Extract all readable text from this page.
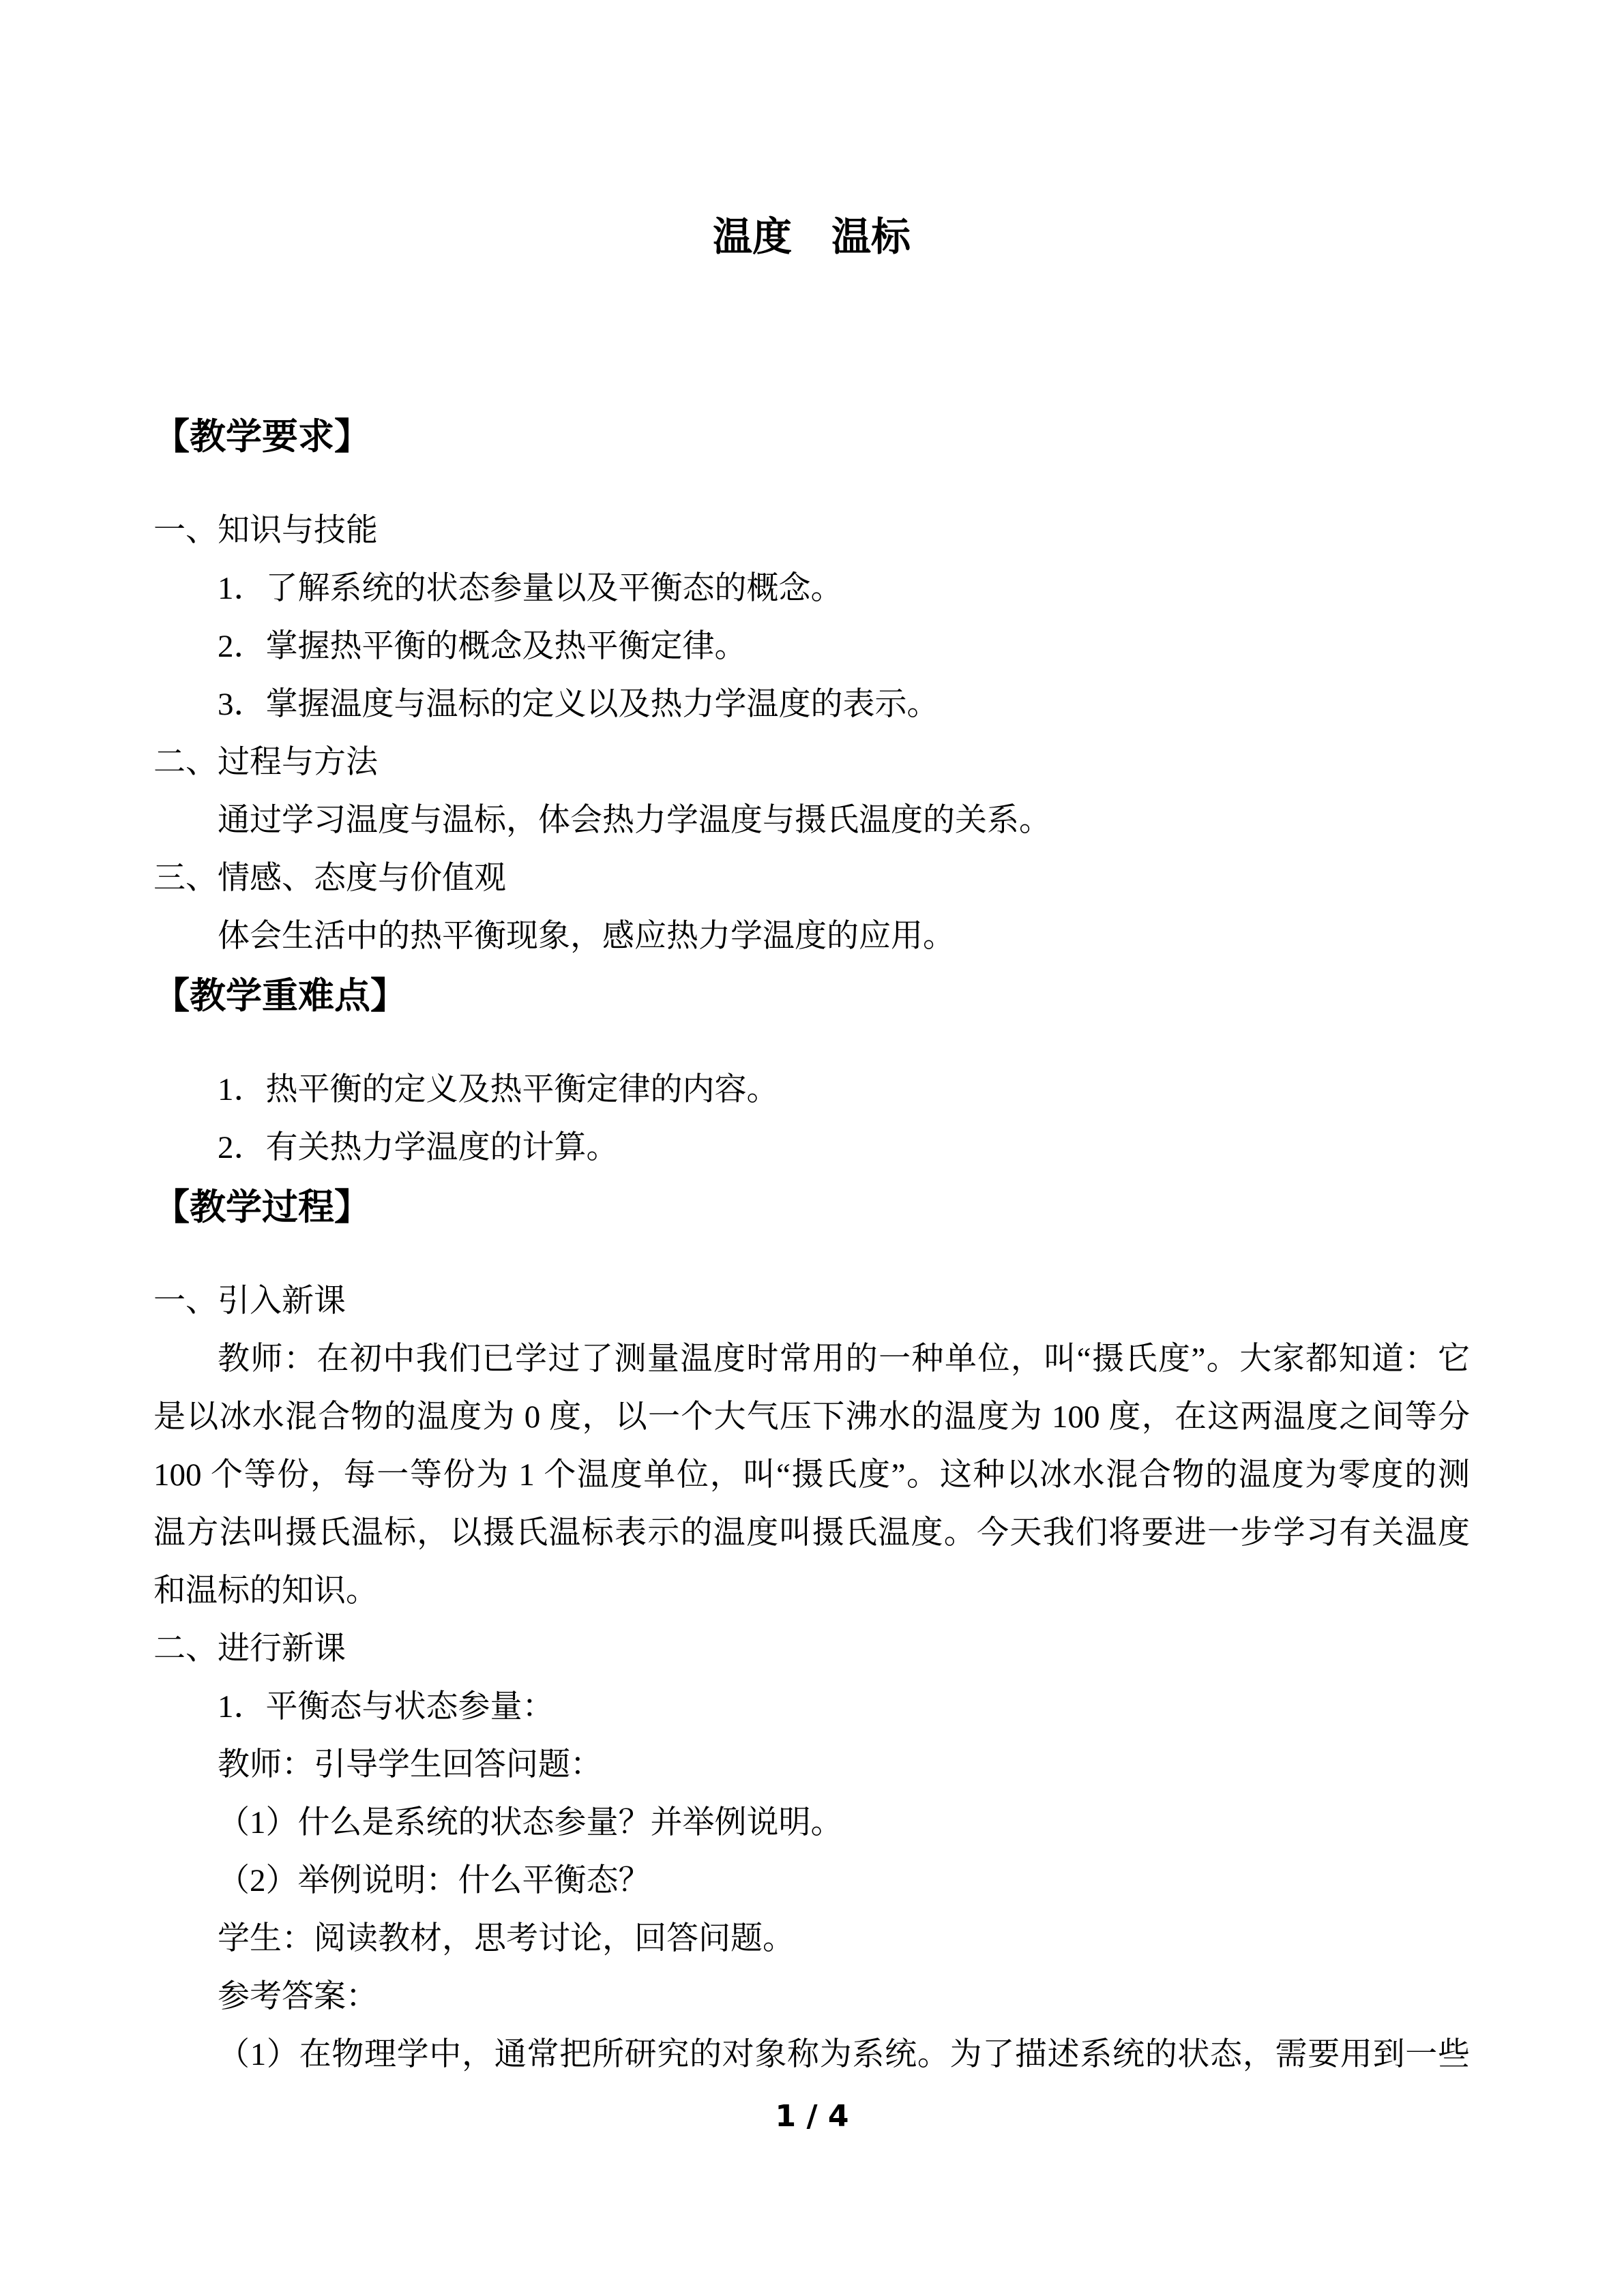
温度　温标
【教学要求】
一、知识与技能
1．了解系统的状态参量以及平衡态的概念。
2．掌握热平衡的概念及热平衡定律。
3．掌握温度与温标的定义以及热力学温度的表示。
二、过程与方法
通过学习温度与温标，体会热力学温度与摄氏温度的关系。
三、情感、态度与价值观
体会生活中的热平衡现象，感应热力学温度的应用。
【教学重难点】
1．热平衡的定义及热平衡定律的内容。
2．有关热力学温度的计算。
【教学过程】
一、引入新课
教师：在初中我们已学过了测量温度时常用的一种单位，叫“摄氏度”。大家都知道：它
是以冰水混合物的温度为 0 度，以一个大气压下沸水的温度为 100 度，在这两温度之间等分
100 个等份，每一等份为 1 个温度单位，叫“摄氏度”。这种以冰水混合物的温度为零度的测
温方法叫摄氏温标，以摄氏温标表示的温度叫摄氏温度。今天我们将要进一步学习有关温度
和温标的知识。
二、进行新课
1．平衡态与状态参量：
教师：引导学生回答问题：
（1）什么是系统的状态参量？并举例说明。
（2）举例说明：什么平衡态？
学生：阅读教材，思考讨论，回答问题。
参考答案：
（1）在物理学中，通常把所研究的对象称为系统。为了描述系统的状态，需要用到一些
1 / 4
